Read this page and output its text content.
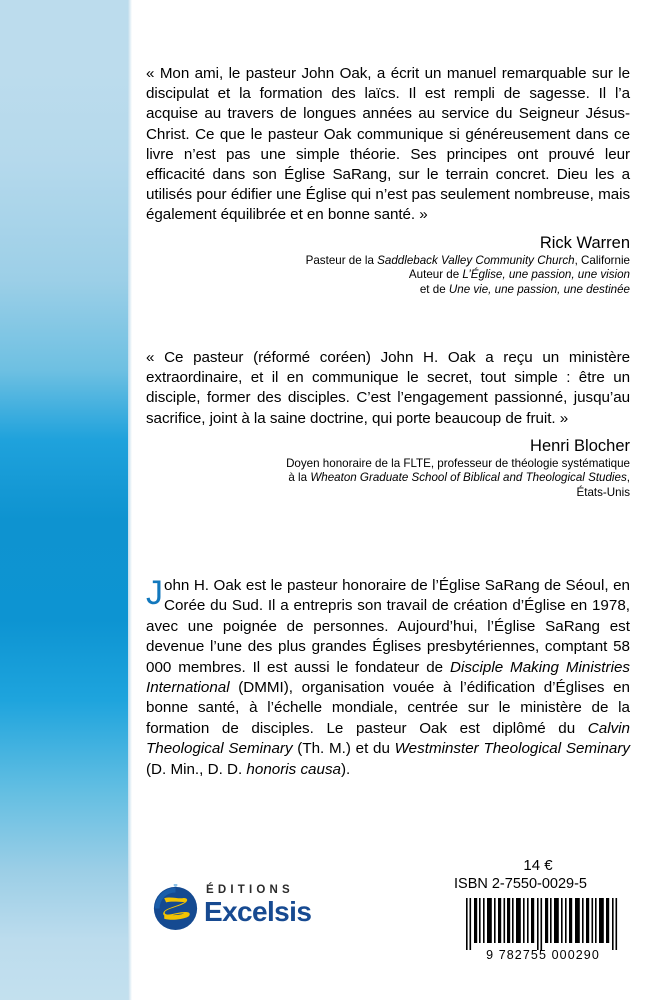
« Mon ami, le pasteur John Oak, a écrit un manuel remarquable sur le discipulat et la formation des laïcs. Il est rempli de sagesse. Il l’a acquise au travers de longues années au service du Seigneur Jésus-Christ. Ce que le pasteur Oak communique si généreusement dans ce livre n’est pas une simple théorie. Ses principes ont prouvé leur efficacité dans son Église SaRang, sur le terrain concret. Dieu les a utilisés pour édifier une Église qui n’est pas seulement nombreuse, mais également équilibrée et en bonne santé. »

Rick Warren

Pasteur de la Saddleback Valley Community Church, Californie

Auteur de L’Église, une passion, une vision

et de Une vie, une passion, une destinée

« Ce pasteur (réformé coréen) John H. Oak a reçu un ministère extraordinaire, et il en communique le secret, tout simple : être un disciple, former des disciples. C’est l’engagement passionné, jusqu’au sacrifice, joint à la saine doctrine, qui porte beaucoup de fruit. »

Henri Blocher

Doyen honoraire de la FLTE, professeur de théologie systématique

à la Wheaton Graduate School of Biblical and Theological Studies,

États-Unis

John H. Oak est le pasteur honoraire de l’Église SaRang de Séoul, en Corée du Sud. Il a entrepris son travail de création d’Église en 1978, avec une poignée de personnes. Aujourd’hui, l’Église SaRang est devenue l’une des plus grandes Églises presbytériennes, comptant 58 000 membres. Il est aussi le fondateur de Disciple Making Ministries International (DMMI), organisation vouée à l’édification d’Églises en bonne santé, à l’échelle mondiale, centrée sur le ministère de la formation de disciples. Le pasteur Oak est diplômé du Calvin Theological Seminary (Th. M.) et du Westminster Theological Seminary (D. Min., D. D. honoris causa).

ÉDITIONS

Excelsis

14 €

ISBN 2-7550-0029-5

9 782755 000290
